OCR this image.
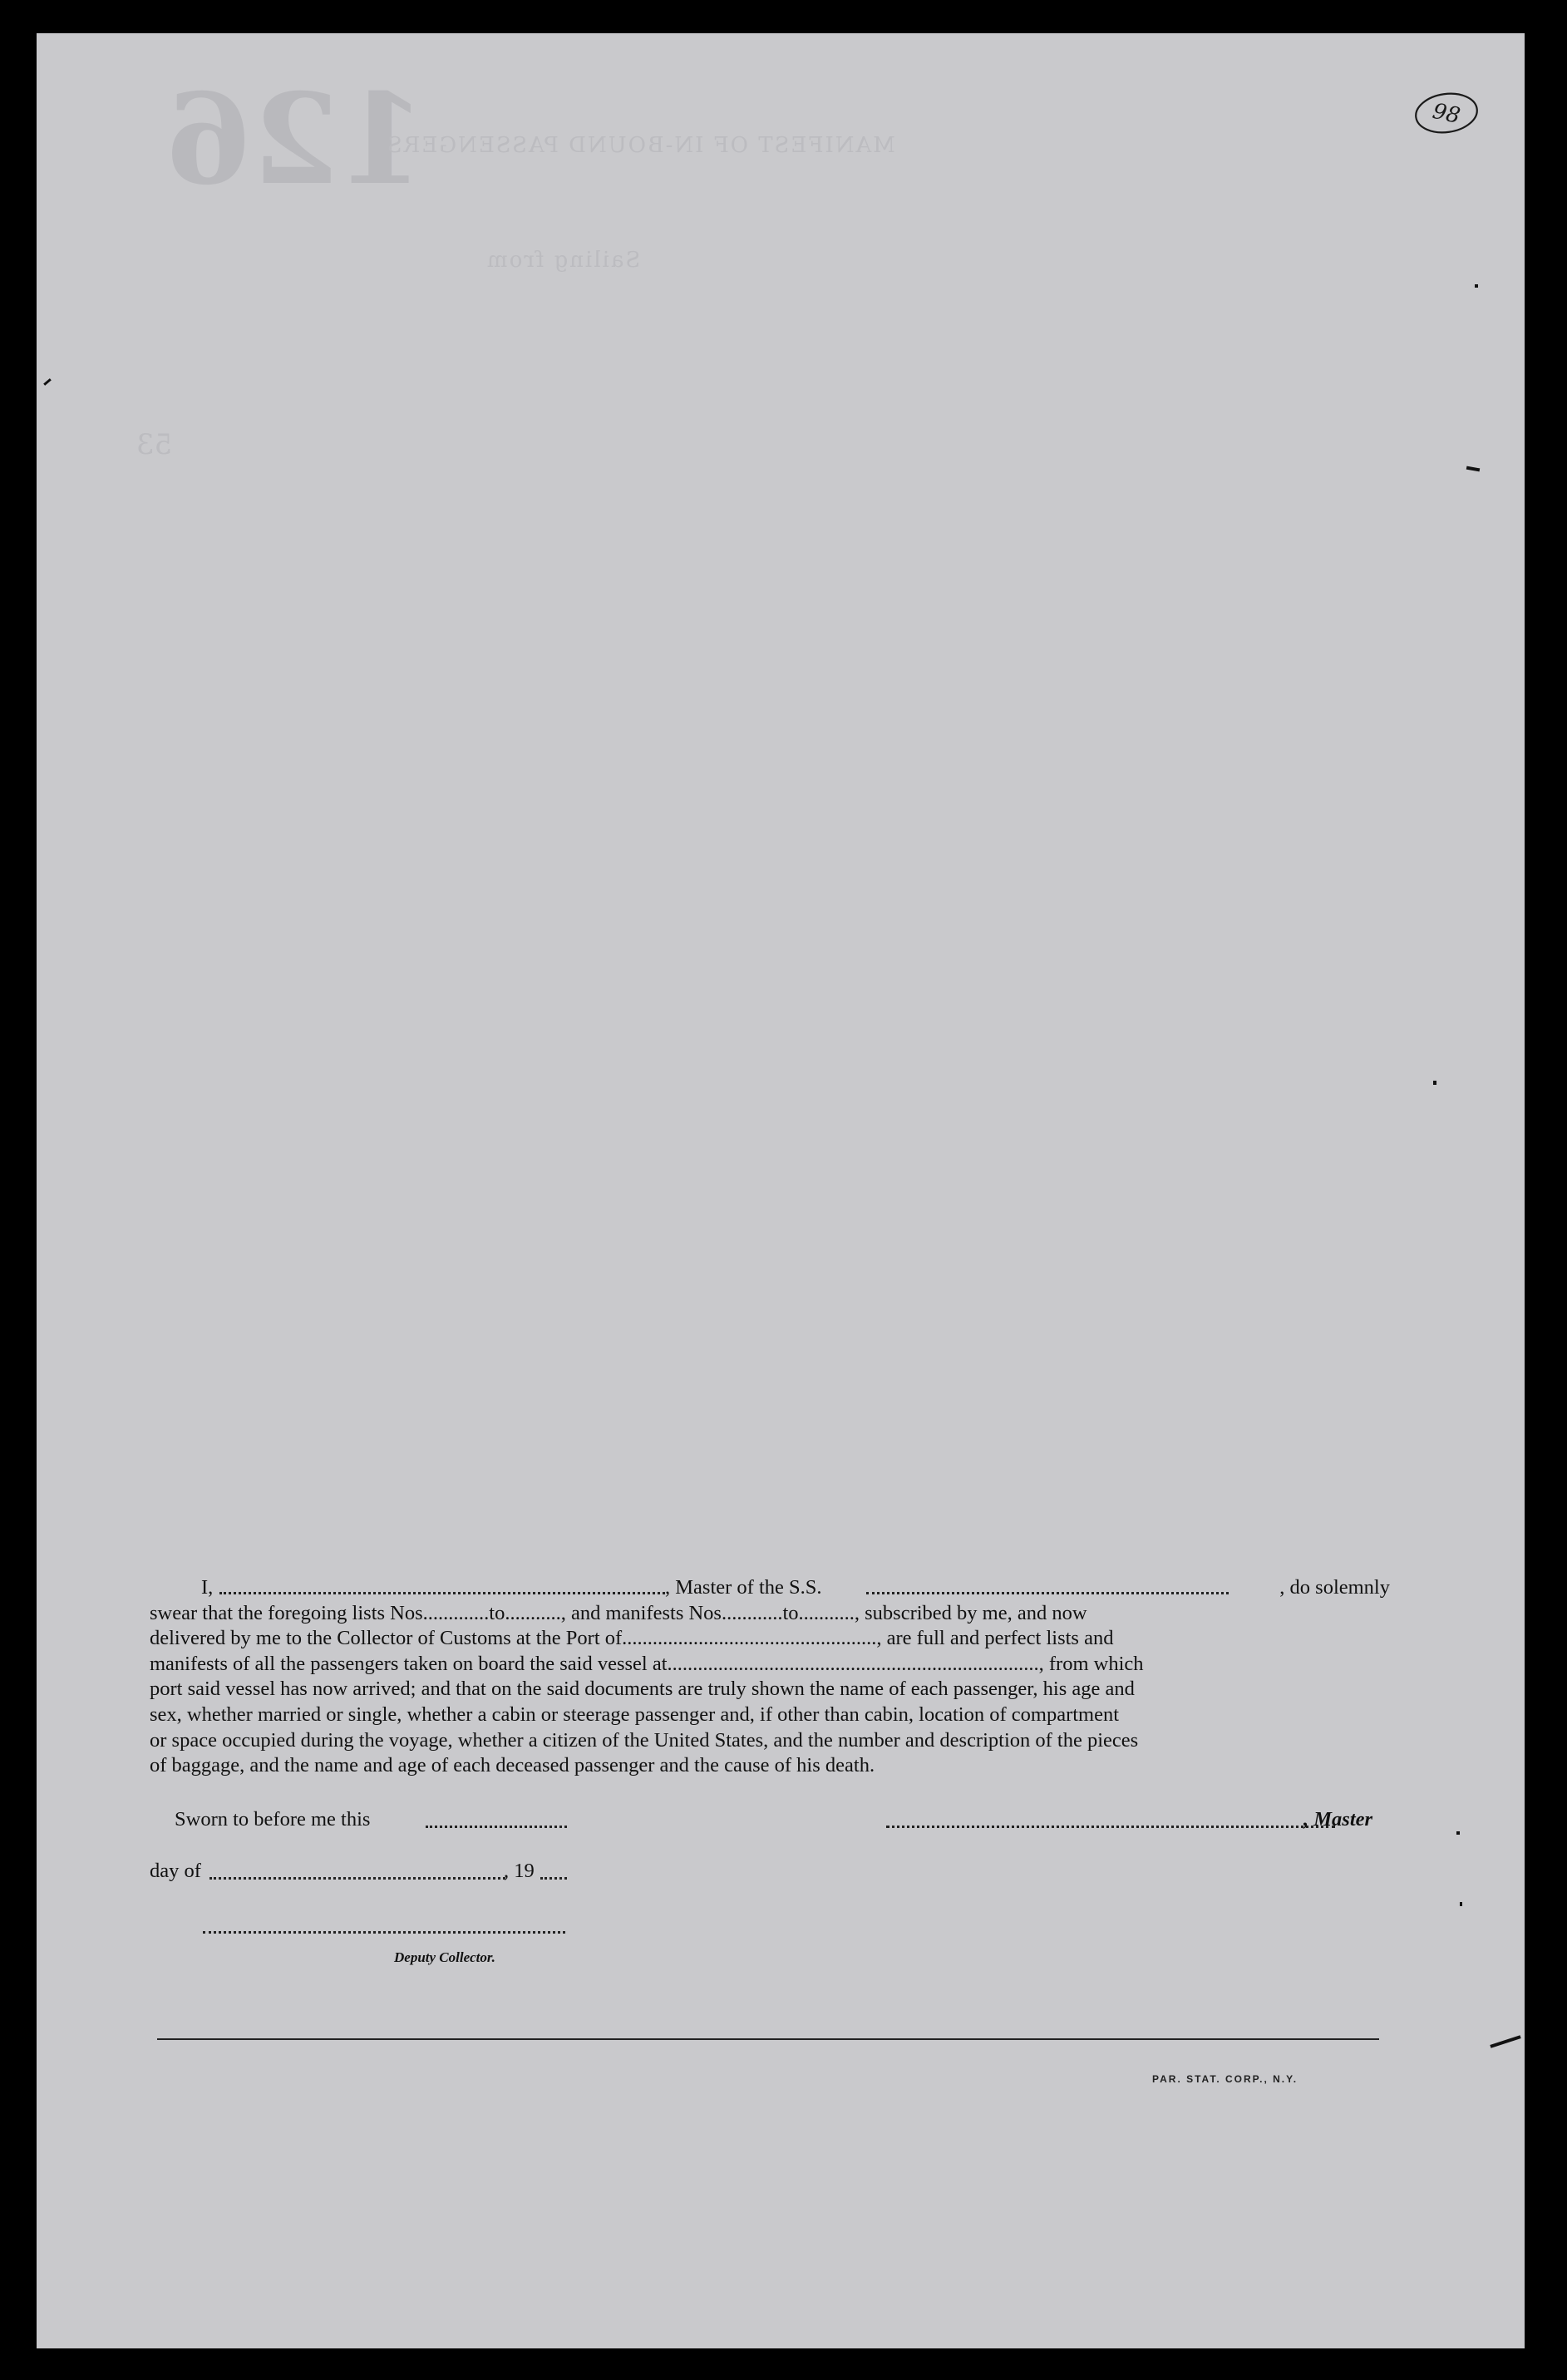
126
MANIFEST OF IN-BOUND PASSENGERS
Sailing from
53
98
I,	, Master of the S.S.	, do solemnly
swear that the foregoing lists Nos.............to..........., and manifests Nos............to..........., subscribed by me, and now
delivered by me to the Collector of Customs at the Port of.................................................., are full and perfect lists and
manifests of all the passengers taken on board the said vessel at........................................................................., from which
port said vessel has now arrived; and that on the said documents are truly shown the name of each passenger, his age and
sex, whether married or single, whether a cabin or steerage passenger and, if other than cabin, location of compartment
or space occupied during the voyage, whether a citizen of the United States, and the number and description of the pieces
of baggage, and the name and age of each deceased passenger and the cause of his death.
Sworn to before me this	, Master
day of	, 19
Deputy Collector.
PAR. STAT. CORP., N.Y.
